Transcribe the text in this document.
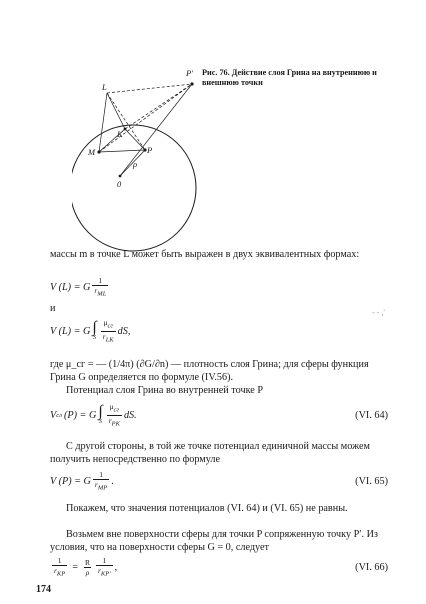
P'
L
K
M	P
ρ
0
Рис. 76. Действие слоя Грина на внутреннюю и внешнюю точки
массы m в точке L может быть выражен в двух эквивалентных формах:
V (L) = G $\frac{1}{\text{rML}}$
и	- - ,'
V (L) = G ∫
S $\frac{\text{μсг}}{\text{rLK}}$ dS,
где μ_сг = — (1/4π) (∂G/∂n) — плотность слоя Грина; для сферы функция Грина G определяется по формуле (IV.56).
Потенциал слоя Грина во внутренней точке P
V сл (P) = G ∫
S $\frac{\text{μсг}}{\text{rPK}}$ dS.	(VI. 64)
С другой стороны, в той же точке потенциал единичной массы можем получить непосредственно по формуле
V (P) = G $\frac{1}{\text{rMP}}$ .	(VI. 65)
Покажем, что значения потенциалов (VI. 64) и (VI. 65) не равны.
Возьмем вне поверхности сферы для точки P сопряженную точку P′. Из условия, что на поверхности сферы G = 0, следует
$\frac{1}{\text{rKP}} = \frac{R}{\rho} \frac{1}{\text{rKP′}}$ ,	(VI. 66)
174
